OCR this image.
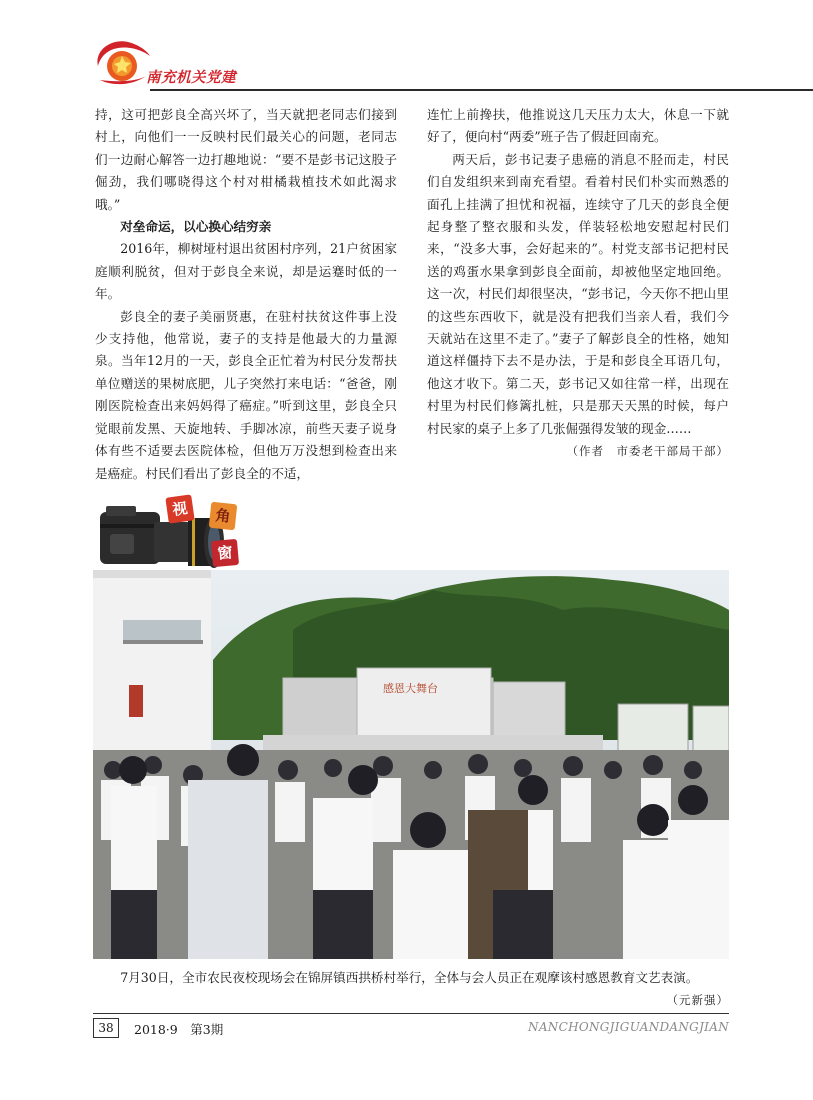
南充机关党建

持，这可把彭良全高兴坏了，当天就把老同志们接到村上，向他们一一反映村民们最关心的问题，老同志们一边耐心解答一边打趣地说：“要不是彭书记这股子倔劲，我们哪晓得这个村对柑橘栽植技术如此渴求哦。”

对垒命运，以心换心结穷亲

2016年，柳树垭村退出贫困村序列，21户贫困家庭顺利脱贫，但对于彭良全来说，却是运蹇时低的一年。

彭良全的妻子美丽贤惠，在驻村扶贫这件事上没少支持他，他常说，妻子的支持是他最大的力量源泉。当年12月的一天，彭良全正忙着为村民分发帮扶单位赠送的果树底肥，儿子突然打来电话：“爸爸，刚刚医院检查出来妈妈得了癌症。”听到这里，彭良全只觉眼前发黑、天旋地转、手脚冰凉，前些天妻子说身体有些不适要去医院体检，但他万万没想到检查出来是癌症。村民们看出了彭良全的不适，

连忙上前搀扶，他推说这几天压力太大，休息一下就好了，便向村“两委”班子告了假赶回南充。

两天后，彭书记妻子患癌的消息不胫而走，村民们自发组织来到南充看望。看着村民们朴实而熟悉的面孔上挂满了担忧和祝福，连续守了几天的彭良全便起身整了整衣服和头发，佯装轻松地安慰起村民们来，“没多大事，会好起来的”。村党支部书记把村民送的鸡蛋水果拿到彭良全面前，却被他坚定地回绝。这一次，村民们却很坚决，“彭书记，今天你不把山里的这些东西收下，就是没有把我们当亲人看，我们今天就站在这里不走了。”妻子了解彭良全的性格，她知道这样僵持下去不是办法，于是和彭良全耳语几句，他这才收下。第二天，彭书记又如往常一样，出现在村里为村民们修篱扎桩，只是那天天黑的时候，每户村民家的桌子上多了几张倔强得发皱的现金……

（作者　市委老干部局干部）

视	角
窗
感恩大舞台

7月30日，全市农民夜校现场会在锦屏镇西拱桥村举行，全体与会人员正在观摩该村感恩教育文艺表演。

（元新强）
38	2018·9　第3期	NANCHONGJIGUANDANGJIAN
